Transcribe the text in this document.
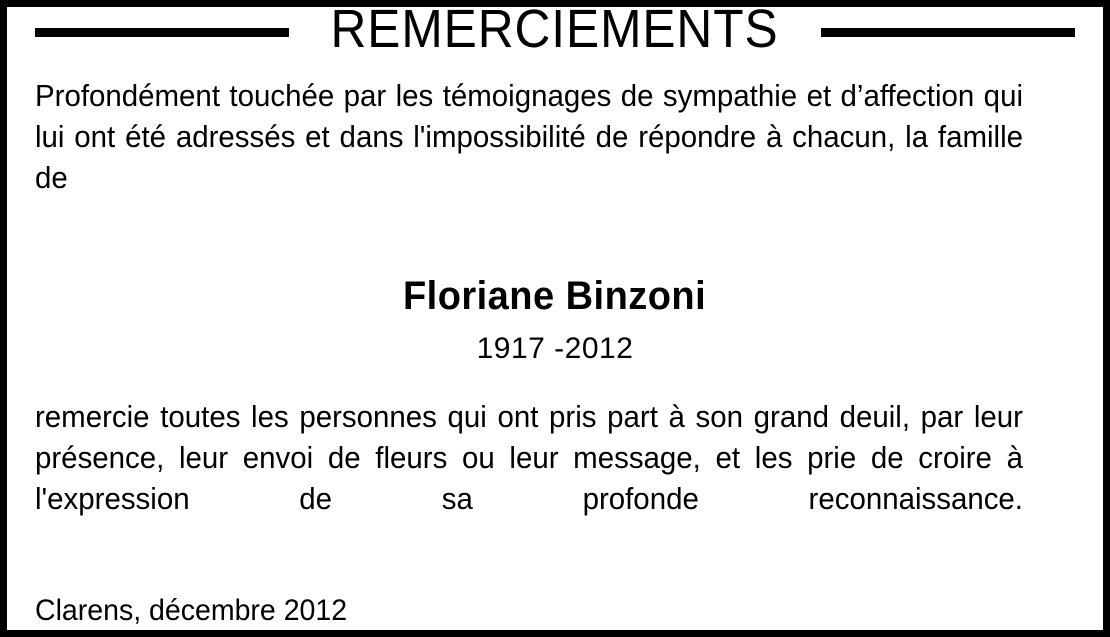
REMERCIEMENTS

Profondément touchée par les témoignages de sympathie et d’affection qui lui ont été adressés et dans l'impossibilité de répondre à chacun, la famille de

Floriane Binzoni
1917 -2012

remercie toutes les personnes qui ont pris part à son grand deuil, par leur présence, leur envoi de fleurs ou leur message, et les prie de croire à l'expression de sa profonde reconnaissance.

Clarens, décembre 2012
